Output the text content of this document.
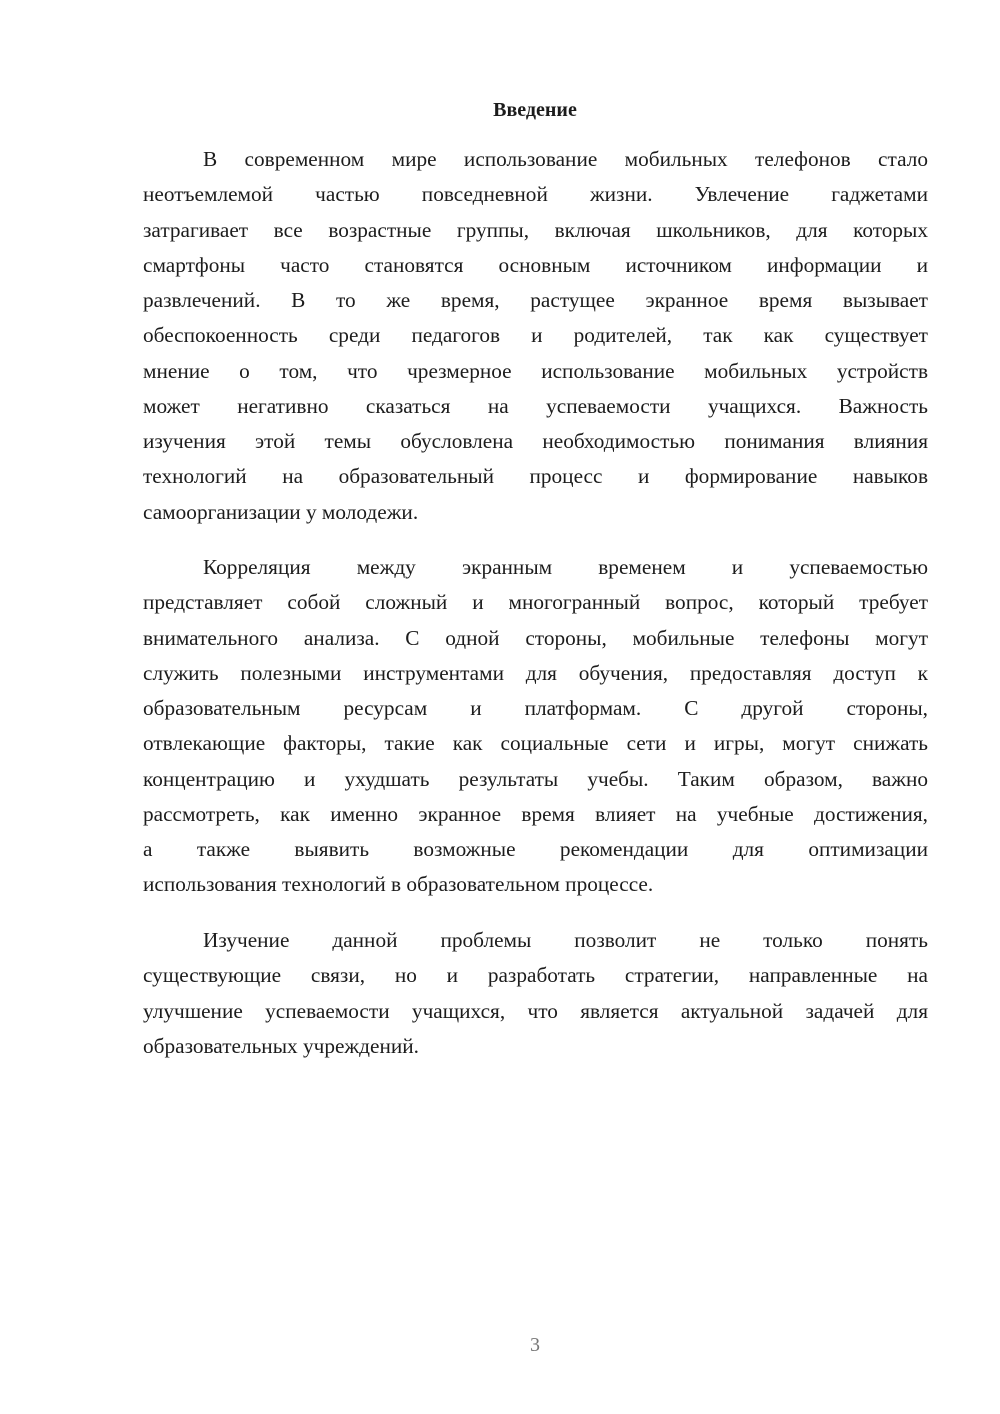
Введение
В современном мире использование мобильных телефонов стало
неотъемлемой частью повседневной жизни. Увлечение гаджетами
затрагивает все возрастные группы, включая школьников, для которых
смартфоны часто становятся основным источником информации и
развлечений. В то же время, растущее экранное время вызывает
обеспокоенность среди педагогов и родителей, так как существует
мнение о том, что чрезмерное использование мобильных устройств
может негативно сказаться на успеваемости учащихся. Важность
изучения этой темы обусловлена необходимостью понимания влияния
технологий на образовательный процесс и формирование навыков
самоорганизации у молодежи.
Корреляция между экранным временем и успеваемостью
представляет собой сложный и многогранный вопрос, который требует
внимательного анализа. С одной стороны, мобильные телефоны могут
служить полезными инструментами для обучения, предоставляя доступ к
образовательным ресурсам и платформам. С другой стороны,
отвлекающие факторы, такие как социальные сети и игры, могут снижать
концентрацию и ухудшать результаты учебы. Таким образом, важно
рассмотреть, как именно экранное время влияет на учебные достижения,
а также выявить возможные рекомендации для оптимизации
использования технологий в образовательном процессе.
Изучение данной проблемы позволит не только понять
существующие связи, но и разработать стратегии, направленные на
улучшение успеваемости учащихся, что является актуальной задачей для
образовательных учреждений.
3
